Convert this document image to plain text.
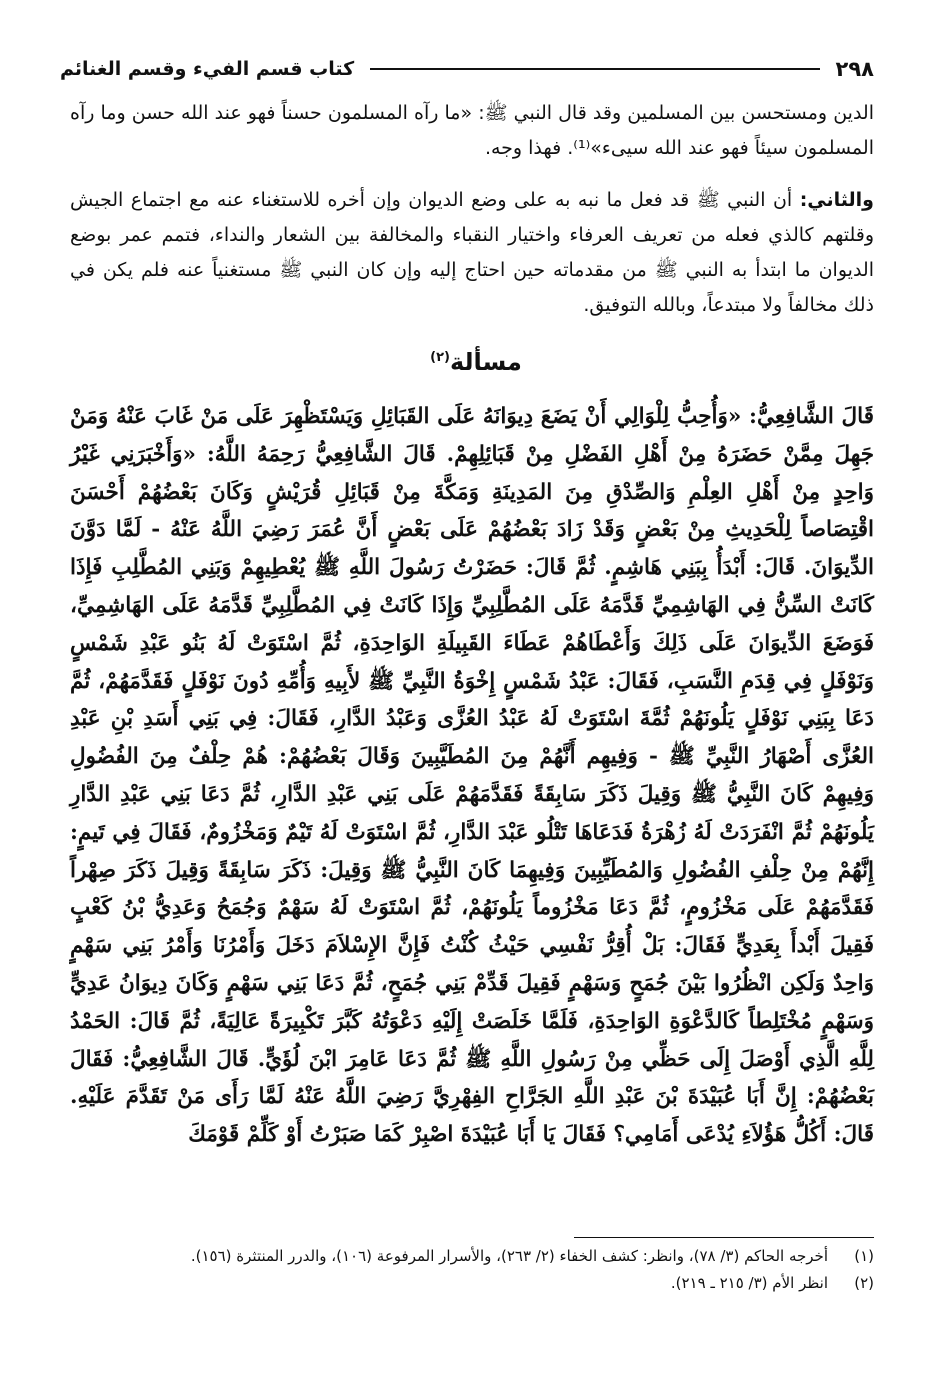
٢٩٨
كتاب قسم الفيء وقسم الغنائم

الدين ومستحسن بين المسلمين وقد قال النبي ﷺ: «ما رآه المسلمون حسناً فهو عند الله حسن وما رآه المسلمون سيئاً فهو عند الله سيىء»⁽¹⁾. فهذا وجه.

والثاني: أن النبي ﷺ قد فعل ما نبه به على وضع الديوان وإن أخره للاستغناء عنه مع اجتماع الجيش وقلتهم كالذي فعله من تعريف العرفاء واختيار النقباء والمخالفة بين الشعار والنداء، فتمم عمر بوضع الديوان ما ابتدأ به النبي ﷺ من مقدماته حين احتاج إليه وإن كان النبي ﷺ مستغنياً عنه فلم يكن في ذلك مخالفاً ولا مبتدعاً، وبالله التوفيق.

مسألة$^{(٢)}$

قَالَ الشَّافِعِيُّ: «وَأُحِبُّ لِلْوَالِي أَنْ يَضَعَ دِيوَانَهُ عَلَى القَبَائِلِ وَيَسْتَظْهِرَ عَلَى مَنْ غَابَ عَنْهُ وَمَنْ جَهِلَ مِمَّنْ حَضَرَهُ مِنْ أَهْلِ الفَضْلِ مِنْ قَبَائِلِهِمْ. قَالَ الشَّافِعِيُّ رَحِمَهُ اللَّهُ: «وَأَخْبَرَنِي غَيْرُ وَاحِدٍ مِنْ أَهْلِ العِلْمِ وَالصِّدْقِ مِنَ المَدِينَةِ وَمَكَّةَ مِنْ قَبَائِلِ قُرَيْشٍ وَكَانَ بَعْضُهُمْ أَحْسَنَ اقْتِصَاصاً لِلْحَدِيثِ مِنْ بَعْضٍ وَقَدْ زَادَ بَعْضُهُمْ عَلَى بَعْضٍ أَنَّ عُمَرَ رَضِيَ اللَّهُ عَنْهُ - لَمَّا دَوَّنَ الدِّيوَانَ. قَالَ: أَبْدَأُ بِبَنِي هَاشِمٍ. ثُمَّ قَالَ: حَضَرْتُ رَسُولَ اللَّهِ ﷺ يُعْطِيهِمْ وَبَنِي المُطَّلِبِ فَإِذَا كَانَتْ السِّنُّ فِي الهَاشِمِيِّ قَدَّمَهُ عَلَى المُطَّلِبِيِّ وَإِذَا كَانَتْ فِي المُطَّلِبِيِّ قَدَّمَهُ عَلَى الهَاشِمِيِّ، فَوَضَعَ الدِّيوَانَ عَلَى ذَلِكَ وَأَعْطَاهُمْ عَطَاءَ القَبِيلَةِ الوَاحِدَةِ، ثُمَّ اسْتَوَتْ لَهُ بَنُو عَبْدِ شَمْسٍ وَنَوْفَلٍ فِي قِدَمِ النَّسَبِ، فَقَالَ: عَبْدُ شَمْسٍ إِخْوَةُ النَّبِيِّ ﷺ لأَبِيهِ وَأُمِّهِ دُونَ نَوْفَلٍ فَقَدَّمَهُمْ، ثُمَّ دَعَا بِبَنِي نَوْفَلٍ يَلُونَهُمْ ثُمَّةَ اسْتَوَتْ لَهُ عَبْدُ العُزَّى وَعَبْدُ الدَّارِ، فَقَالَ: فِي بَنِي أَسَدِ بْنِ عَبْدِ العُزَّى أَصْهَارُ النَّبِيِّ ﷺ - وَفِيهِم أَنَّهُمْ مِنَ المُطَيَّبِينَ وَقَالَ بَعْضُهُمْ: هُمْ حِلْفٌ مِنَ الفُضُولِ وَفِيهِمْ كَانَ النَّبِيُّ ﷺ وَقِيلَ ذَكَرَ سَابِقَةً فَقَدَّمَهُمْ عَلَى بَنِي عَبْدِ الدَّارِ، ثُمَّ دَعَا بَنِي عَبْدِ الدَّارِ يَلُونَهُمْ ثُمَّ انْفَرَدَتْ لَهُ زُهْرَةُ فَدَعَاهَا تَتْلُو عَبْدَ الدَّارِ، ثُمَّ اسْتَوَتْ لَهُ تَيْمٌ وَمَخْزُومٌ، فَقَالَ فِي تَيمٍ: إِنَّهُمْ مِنْ حِلْفِ الفُضُولِ وَالمُطَيِّبِينَ وَفِيهِمَا كَانَ النَّبِيُّ ﷺ وَقِيلَ: ذَكَرَ سَابِقَةً وَقِيلَ ذَكَرَ صِهْراً فَقَدَّمَهُمْ عَلَى مَخْزُومٍ، ثُمَّ دَعَا مَخْزُوماً يَلُونَهُمْ، ثُمَّ اسْتَوَتْ لَهُ سَهْمٌ وَجُمَحُ وَعَدِيُّ بْنُ كَعْبٍ فَقِيلَ أَبْدأَ بِعَدِيٍّ فَقَالَ: بَلْ أُقِرُّ نَفْسِي حَيْثُ كُنْتُ فَإِنَّ الإِسْلاَمَ دَخَلَ وَأَمْرُنَا وَأَمْرُ بَنِي سَهْمٍ وَاحِدٌ وَلَكِن انْظُرُوا بَيْنَ جُمَحٍ وَسَهْمٍ فَقِيلَ قَدِّمْ بَنِي جُمَحٍ، ثُمَّ دَعَا بَنِي سَهْمٍ وَكَانَ دِيوَانُ عَدِيٍّ وَسَهْمٍ مُخْتَلِطاً كَالدَّعْوَةِ الوَاحِدَةِ، فَلَمَّا خَلَصَتْ إِلَيْهِ دَعْوَتُهُ كَبَّرَ تَكْبِيرَةً عَالِيَةً، ثُمَّ قَالَ: الحَمْدُ لِلَّهِ الَّذِي أَوْصَلَ إِلَى حَظِّي مِنْ رَسُولِ اللَّهِ ﷺ ثُمَّ دَعَا عَامِرَ ابْنَ لُؤَيٍّ. قَالَ الشَّافِعِيُّ: فَقَالَ بَعْضُهُمْ: إِنَّ أَبَا عُبَيْدَةَ بْنَ عَبْدِ اللَّهِ الجَرَّاحِ الفِهْرِيَّ رَضِيَ اللَّهُ عَنْهُ لَمَّا رَأَى مَنْ تَقَدَّمَ عَلَيْهِ. قَالَ: أَكُلُّ هَؤُلاَءِ يُدْعَى أَمَامِي؟ فَقَالَ يَا أَبَا عُبَيْدَةَ اصْبِرْ كَمَا صَبَرْتُ أَوْ كَلِّمْ قَوْمَكَ

(١)
أخرجه الحاكم (٣/ ٧٨)، وانظر: كشف الخفاء (٢/ ٢٦٣)، والأسرار المرفوعة (١٠٦)، والدرر المنتثرة (١٥٦).
(٢)
انظر الأم (٣/ ٢١٥ ـ ٢١٩).
